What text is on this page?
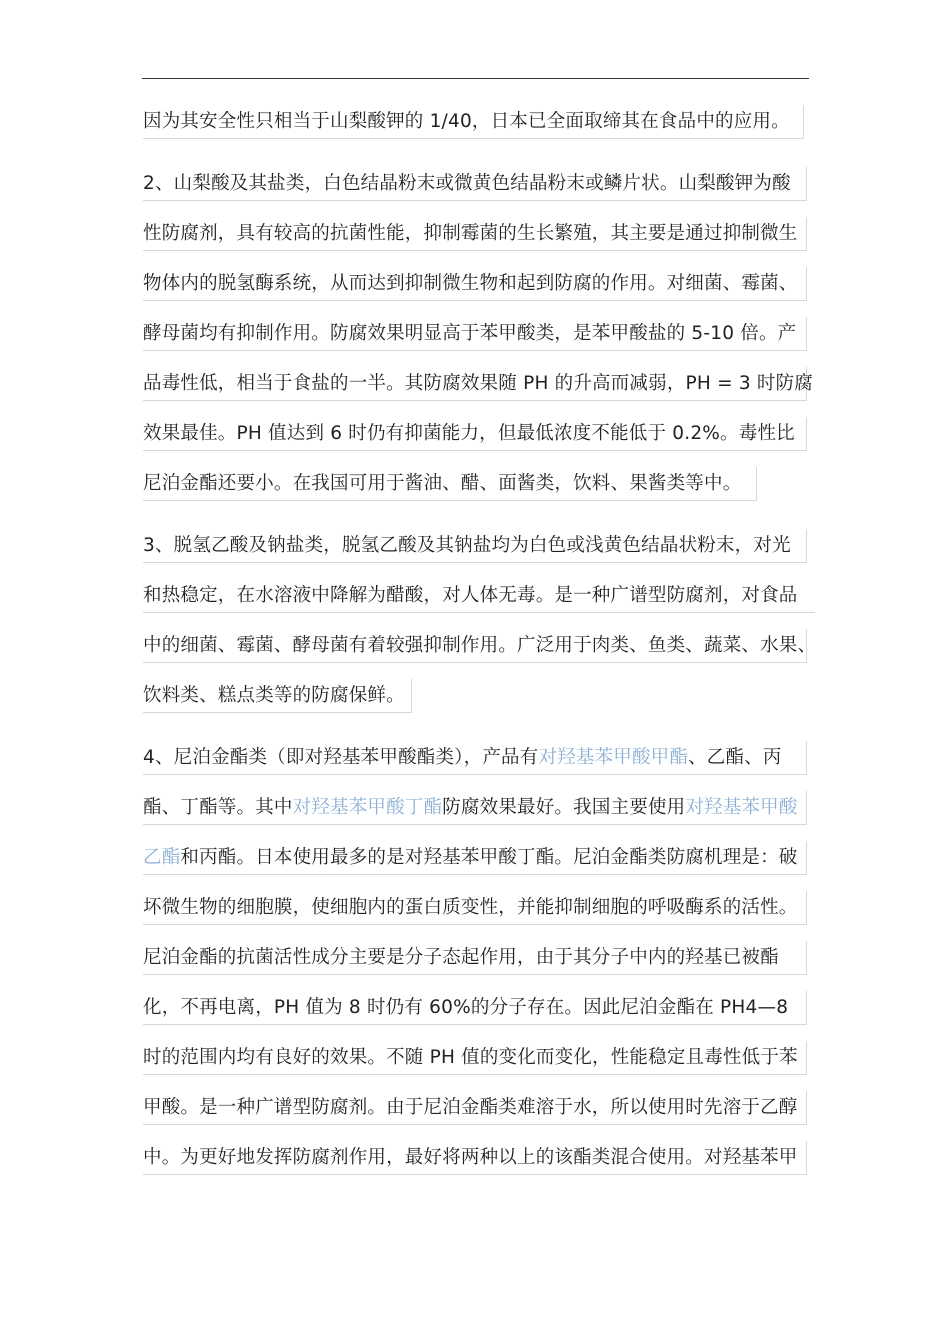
因为其安全性只相当于山梨酸钾的 1/40，日本已全面取缔其在食品中的应用。
2、山梨酸及其盐类，白色结晶粉末或微黄色结晶粉末或鳞片状。山梨酸钾为酸
性防腐剂，具有较高的抗菌性能，抑制霉菌的生长繁殖，其主要是通过抑制微生
物体内的脱氢酶系统，从而达到抑制微生物和起到防腐的作用。对细菌、霉菌、
酵母菌均有抑制作用。防腐效果明显高于苯甲酸类，是苯甲酸盐的 5-10 倍。产
品毒性低，相当于食盐的一半。其防腐效果随 PH 的升高而减弱，PH = 3 时防腐
效果最佳。PH 值达到 6 时仍有抑菌能力，但最低浓度不能低于 0.2%。毒性比
尼泊金酯还要小。在我国可用于酱油、醋、面酱类，饮料、果酱类等中。
3、脱氢乙酸及钠盐类，脱氢乙酸及其钠盐均为白色或浅黄色结晶状粉末，对光
和热稳定，在水溶液中降解为醋酸，对人体无毒。是一种广谱型防腐剂，对食品
中的细菌、霉菌、酵母菌有着较强抑制作用。广泛用于肉类、鱼类、蔬菜、水果、
饮料类、糕点类等的防腐保鲜。
4、尼泊金酯类（即对羟基苯甲酸酯类），产品有对羟基苯甲酸甲酯、乙酯、丙
酯、丁酯等。其中对羟基苯甲酸丁酯防腐效果最好。我国主要使用对羟基苯甲酸
乙酯和丙酯。日本使用最多的是对羟基苯甲酸丁酯。尼泊金酯类防腐机理是：破
坏微生物的细胞膜，使细胞内的蛋白质变性，并能抑制细胞的呼吸酶系的活性。
尼泊金酯的抗菌活性成分主要是分子态起作用，由于其分子中内的羟基已被酯
化，不再电离，PH 值为 8 时仍有 60%的分子存在。因此尼泊金酯在 PH4—8
时的范围内均有良好的效果。不随 PH 值的变化而变化，性能稳定且毒性低于苯
甲酸。是一种广谱型防腐剂。由于尼泊金酯类难溶于水，所以使用时先溶于乙醇
中。为更好地发挥防腐剂作用，最好将两种以上的该酯类混合使用。对羟基苯甲
